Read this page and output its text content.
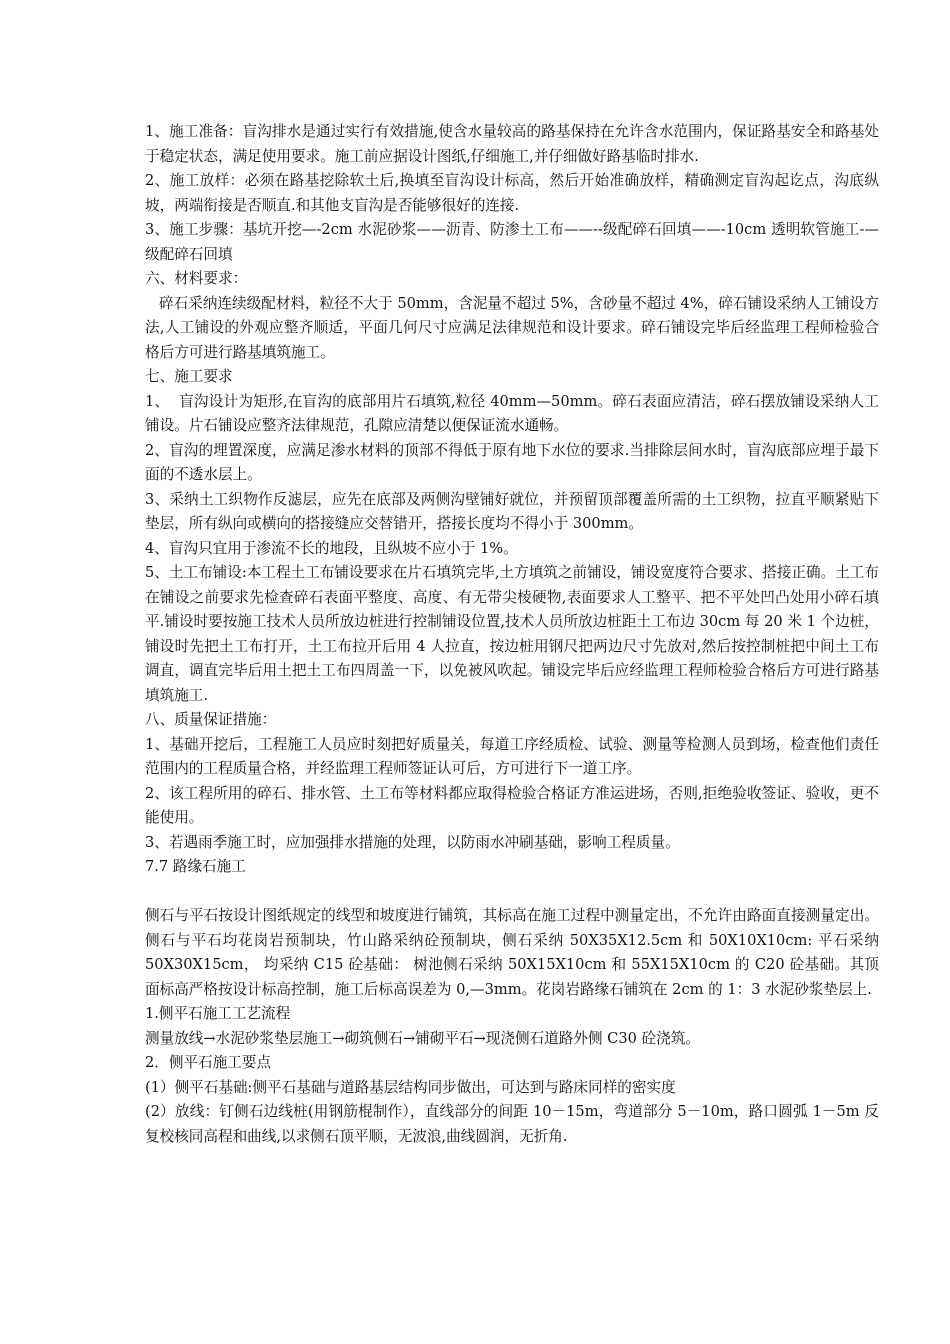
1、施工准备：盲沟排水是通过实行有效措施,使含水量较高的路基保持在允许含水范围内，保证路基安全和路基处于稳定状态，满足使用要求。施工前应据设计图纸,仔细施工,并仔细做好路基临时排水.

2、施工放样：必须在路基挖除软土后,换填至盲沟设计标高，然后开始准确放样，精确测定盲沟起讫点，沟底纵坡，两端衔接是否顺直.和其他支盲沟是否能够很好的连接.

3、施工步骤：基坑开挖—-2cm 水泥砂浆——沥青、防渗土工布——--级配碎石回填——-10cm 透明软管施工-—级配碎石回填

六、材料要求：

碎石采纳连续级配材料，粒径不大于 50mm，含泥量不超过 5%，含砂量不超过 4%，碎石铺设采纳人工铺设方法,人工铺设的外观应整齐顺适，平面几何尺寸应满足法律规范和设计要求。碎石铺设完毕后经监理工程师检验合格后方可进行路基填筑施工。

七、施工要求

1、  盲沟设计为矩形,在盲沟的底部用片石填筑,粒径 40mm—50mm。碎石表面应清洁，碎石摆放铺设采纳人工铺设。片石铺设应整齐法律规范，孔隙应清楚以便保证流水通畅。

2、盲沟的埋置深度，应满足渗水材料的顶部不得低于原有地下水位的要求.当排除层间水时，盲沟底部应埋于最下面的不透水层上。

3、采纳土工织物作反滤层，应先在底部及两侧沟壁铺好就位，并预留顶部覆盖所需的土工织物，拉直平顺紧贴下垫层，所有纵向或横向的搭接缝应交替错开，搭接长度均不得小于 300mm。

4、盲沟只宜用于渗流不长的地段，且纵坡不应小于 1%。

5、土工布铺设:本工程土工布铺设要求在片石填筑完毕,土方填筑之前铺设，铺设宽度符合要求、搭接正确。土工布在铺设之前要求先检查碎石表面平整度、高度、有无带尖棱硬物,表面要求人工整平、把不平处凹凸处用小碎石填平.铺设时要按施工技术人员所放边桩进行控制铺设位置,技术人员所放边桩距土工布边 30cm 每 20 米 1 个边桩，铺设时先把土工布打开，土工布拉开后用 4 人拉直，按边桩用钢尺把两边尺寸先放对,然后按控制桩把中间土工布调直，调直完毕后用土把土工布四周盖一下，以免被风吹起。铺设完毕后应经监理工程师检验合格后方可进行路基填筑施工.

八、质量保证措施：

1、基础开挖后，工程施工人员应时刻把好质量关，每道工序经质检、试验、测量等检测人员到场，检查他们责任范围内的工程质量合格，并经监理工程师签证认可后，方可进行下一道工序。

2、该工程所用的碎石、排水管、土工布等材料都应取得检验合格证方准运进场，否则,拒绝验收签证、验收，更不能使用。

3、若遇雨季施工时，应加强排水措施的处理，以防雨水冲刷基础，影响工程质量。

7.7 路缘石施工

侧石与平石按设计图纸规定的线型和坡度进行铺筑，其标高在施工过程中测量定出，不允许由路面直接测量定出。侧石与平石均花岗岩预制块，竹山路采纳砼预制块，侧石采纳 50X35X12.5cm 和 50X10X10cm: 平石采纳 50X30X15cm， 均采纳 C15 砼基础： 树池侧石采纳 50X15X10cm 和 55X15X10cm 的 C20 砼基础。其顶面标高严格按设计标高控制，施工后标高误差为 0,—3mm。花岗岩路缘石铺筑在 2cm 的 1：3 水泥砂浆垫层上.

1.侧平石施工工艺流程

测量放线→水泥砂浆垫层施工→砌筑侧石→铺砌平石→现浇侧石道路外侧 C30 砼浇筑。

2．侧平石施工要点

(1）侧平石基础:侧平石基础与道路基层结构同步做出，可达到与路床同样的密实度

(2）放线：钉侧石边线桩(用钢筋棍制作），直线部分的间距 10－15m，弯道部分 5－10m，路口圆弧 1－5m 反复校核同高程和曲线,以求侧石顶平顺，无波浪,曲线圆润，无折角.
